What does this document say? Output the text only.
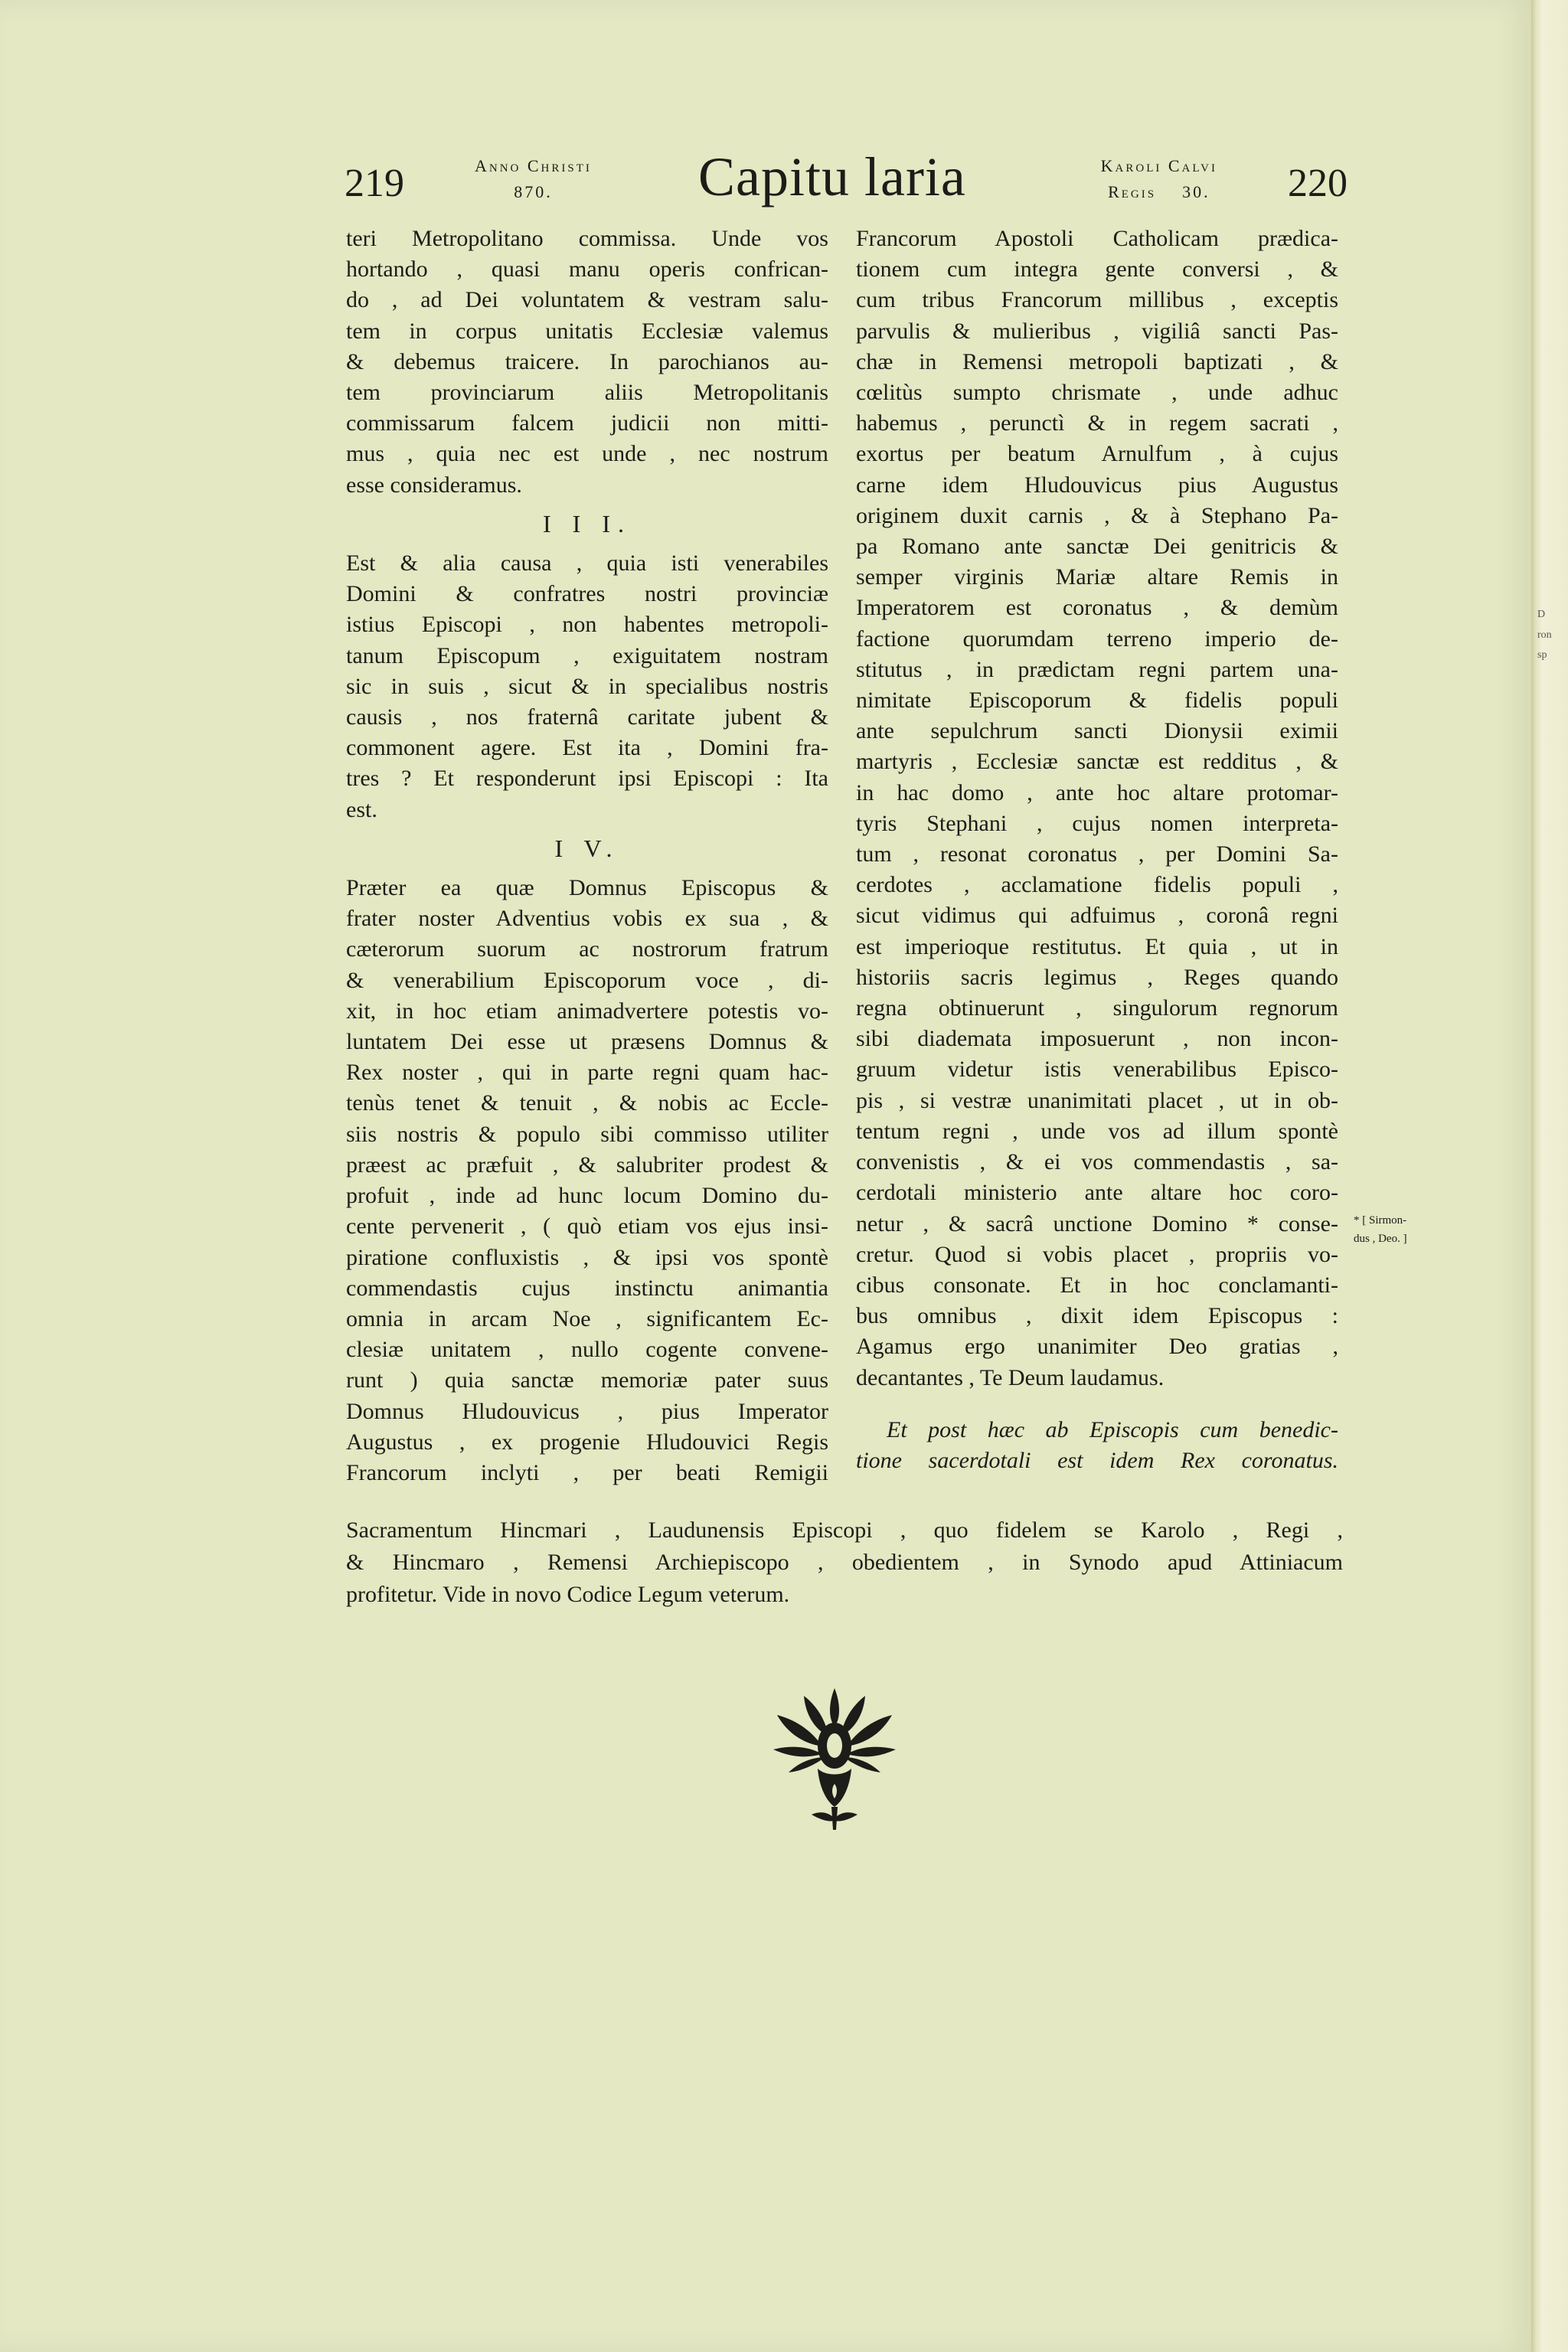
219	Anno Christi
870.	Capitu laria	Karoli Calvi
Regis    30. 220
teri Metropolitano commissa. Unde vos
hortando , quasi manu operis confrican-
do , ad Dei voluntatem & vestram salu-
tem in corpus unitatis Ecclesiæ valemus
& debemus traicere. In parochianos au-
tem provinciarum aliis Metropolitanis
commissarum falcem judicii non mitti-
mus , quia nec est unde , nec nostrum
esse consideramus.
I I I.
Est & alia causa , quia isti venerabiles
Domini & confratres nostri provinciæ
istius Episcopi , non habentes metropoli-
tanum Episcopum , exiguitatem nostram
sic in suis , sicut & in specialibus nostris
causis , nos fraternâ caritate jubent &
commonent agere. Est ita , Domini fra-
tres ? Et responderunt ipsi Episcopi : Ita
est.
I V.
Præter ea quæ Domnus Episcopus &
frater noster Adventius vobis ex sua , &
cæterorum suorum ac nostrorum fratrum
& venerabilium Episcoporum voce , di-
xit, in hoc etiam animadvertere potestis vo-
luntatem Dei esse ut præsens Domnus &
Rex noster , qui in parte regni quam hac-
tenùs tenet & tenuit , & nobis ac Eccle-
siis nostris & populo sibi commisso utiliter
præest ac præfuit , & salubriter prodest &
profuit , inde ad hunc locum Domino du-
cente pervenerit , ( quò etiam vos ejus insi-
piratione confluxistis , & ipsi vos spontè
commendastis cujus instinctu animantia
omnia in arcam Noe , significantem Ec-
clesiæ unitatem , nullo cogente convene-
runt ) quia sanctæ memoriæ pater suus
Domnus Hludouvicus , pius Imperator
Augustus , ex progenie Hludouvici Regis
Francorum inclyti , per beati Remigii
Francorum Apostoli Catholicam prædica-
tionem cum integra gente conversi , &
cum tribus Francorum millibus , exceptis
parvulis & mulieribus , vigiliâ sancti Pas-
chæ in Remensi metropoli baptizati , &
cœlitùs sumpto chrismate , unde adhuc
habemus , perunctì & in regem sacrati ,
exortus per beatum Arnulfum , à cujus
carne idem Hludouvicus pius Augustus
originem duxit carnis , & à Stephano Pa-
pa Romano ante sanctæ Dei genitricis &
semper virginis Mariæ altare Remis in
Imperatorem est coronatus , & demùm
factione quorumdam terreno imperio de-
stitutus , in prædictam regni partem una-
nimitate Episcoporum & fidelis populi
ante sepulchrum sancti Dionysii eximii
martyris , Ecclesiæ sanctæ est redditus , &
in hac domo , ante hoc altare protomar-
tyris Stephani , cujus nomen interpreta-
tum , resonat coronatus , per Domini Sa-
cerdotes , acclamatione fidelis populi ,
sicut vidimus qui adfuimus , coronâ regni
est imperioque restitutus. Et quia , ut in
historiis sacris legimus , Reges quando
regna obtinuerunt , singulorum regnorum
sibi diademata imposuerunt , non incon-
gruum videtur istis venerabilibus Episco-
pis , si vestræ unanimitati placet , ut in ob-
tentum regni , unde vos ad illum spontè
convenistis , & ei vos commendastis , sa-
cerdotali ministerio ante altare hoc coro-
netur , & sacrâ unctione Domino * conse-
cretur. Quod si vobis placet , propriis vo-
cibus consonate. Et in hoc conclamanti-
bus omnibus , dixit idem Episcopus :
Agamus ergo unanimiter Deo gratias ,
decantantes , Te Deum laudamus.
Et post hæc ab Episcopis cum benedic-
tione sacerdotali est idem Rex coronatus.
* [ Sirmon-
dus , Deo. ]
Sacramentum Hincmari , Laudunensis Episcopi , quo fidelem se Karolo , Regi ,
& Hincmaro , Remensi Archiepiscopo , obedientem , in Synodo apud Attiniacum
profitetur. Vide in novo Codice Legum veterum.
D
ron
sp
